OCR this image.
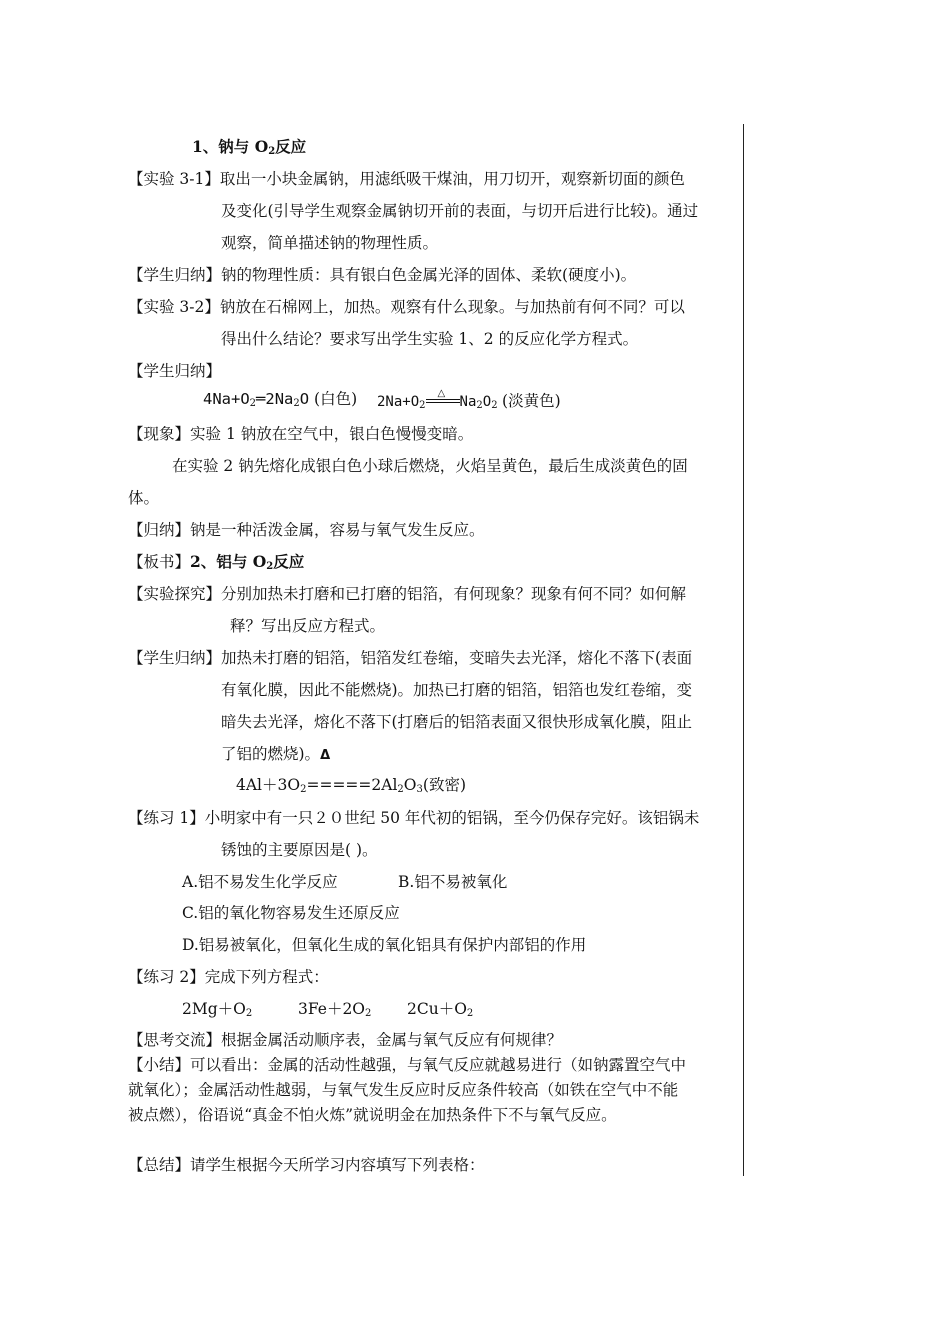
1、钠与 $O_2$反应
【实验 3-1】取出一小块金属钠，用滤纸吸干煤油，用刀切开，观察新切面的颜色
及变化(引导学生观察金属钠切开前的表面，与切开后进行比较)。通过
观察，简单描述钠的物理性质。
【学生归纳】钠的物理性质：具有银白色金属光泽的固体、柔软(硬度小)。
【实验 3-2】钠放在石棉网上，加热。观察有什么现象。与加热前有何不同？可以
得出什么结论？要求写出学生实验 1、2 的反应化学方程式。
【学生归纳】
$4Na+O_2═2Na_2O$ (白色) $2Na+O_2$
△
$Na_2O_2$ (淡黄色)
【现象】实验 1 钠放在空气中，银白色慢慢变暗。
在实验 2 钠先熔化成银白色小球后燃烧，火焰呈黄色，最后生成淡黄色的固
体。
【归纳】钠是一种活泼金属，容易与氧气发生反应。
【板书】2、铝与 $O_2$反应
【实验探究】分别加热未打磨和已打磨的铝箔，有何现象？现象有何不同？如何解
释？写出反应方程式。
【学生归纳】加热未打磨的铝箔，铝箔发红卷缩，变暗失去光泽，熔化不落下(表面
有氧化膜，因此不能燃烧)。加热已打磨的铝箔，铝箔也发红卷缩，变
暗失去光泽，熔化不落下(打磨后的铝箔表面又很快形成氧化膜，阻止
了铝的燃烧)。Δ
$4Al+3O_2=====2Al_2O_3$(致密)
【练习 1】小明家中有一只２０世纪 50 年代初的铝锅，至今仍保存完好。该铝锅未
锈蚀的主要原因是( )。
A.铝不易发生化学反应	B.铝不易被氧化
C.铝的氧化物容易发生还原反应
D.铝易被氧化，但氧化生成的氧化铝具有保护内部铝的作用
【练习 2】完成下列方程式：
$2Mg+O_2$	$3Fe+2O_2$ $2Cu+O_2$
【思考交流】根据金属活动顺序表，金属与氧气反应有何规律？
【小结】可以看出：金属的活动性越强，与氧气反应就越易进行（如钠露置空气中
就氧化）；金属活动性越弱，与氧气发生反应时反应条件较高（如铁在空气中不能
被点燃），俗语说“真金不怕火炼”就说明金在加热条件下不与氧气反应。
【总结】请学生根据今天所学习内容填写下列表格：
